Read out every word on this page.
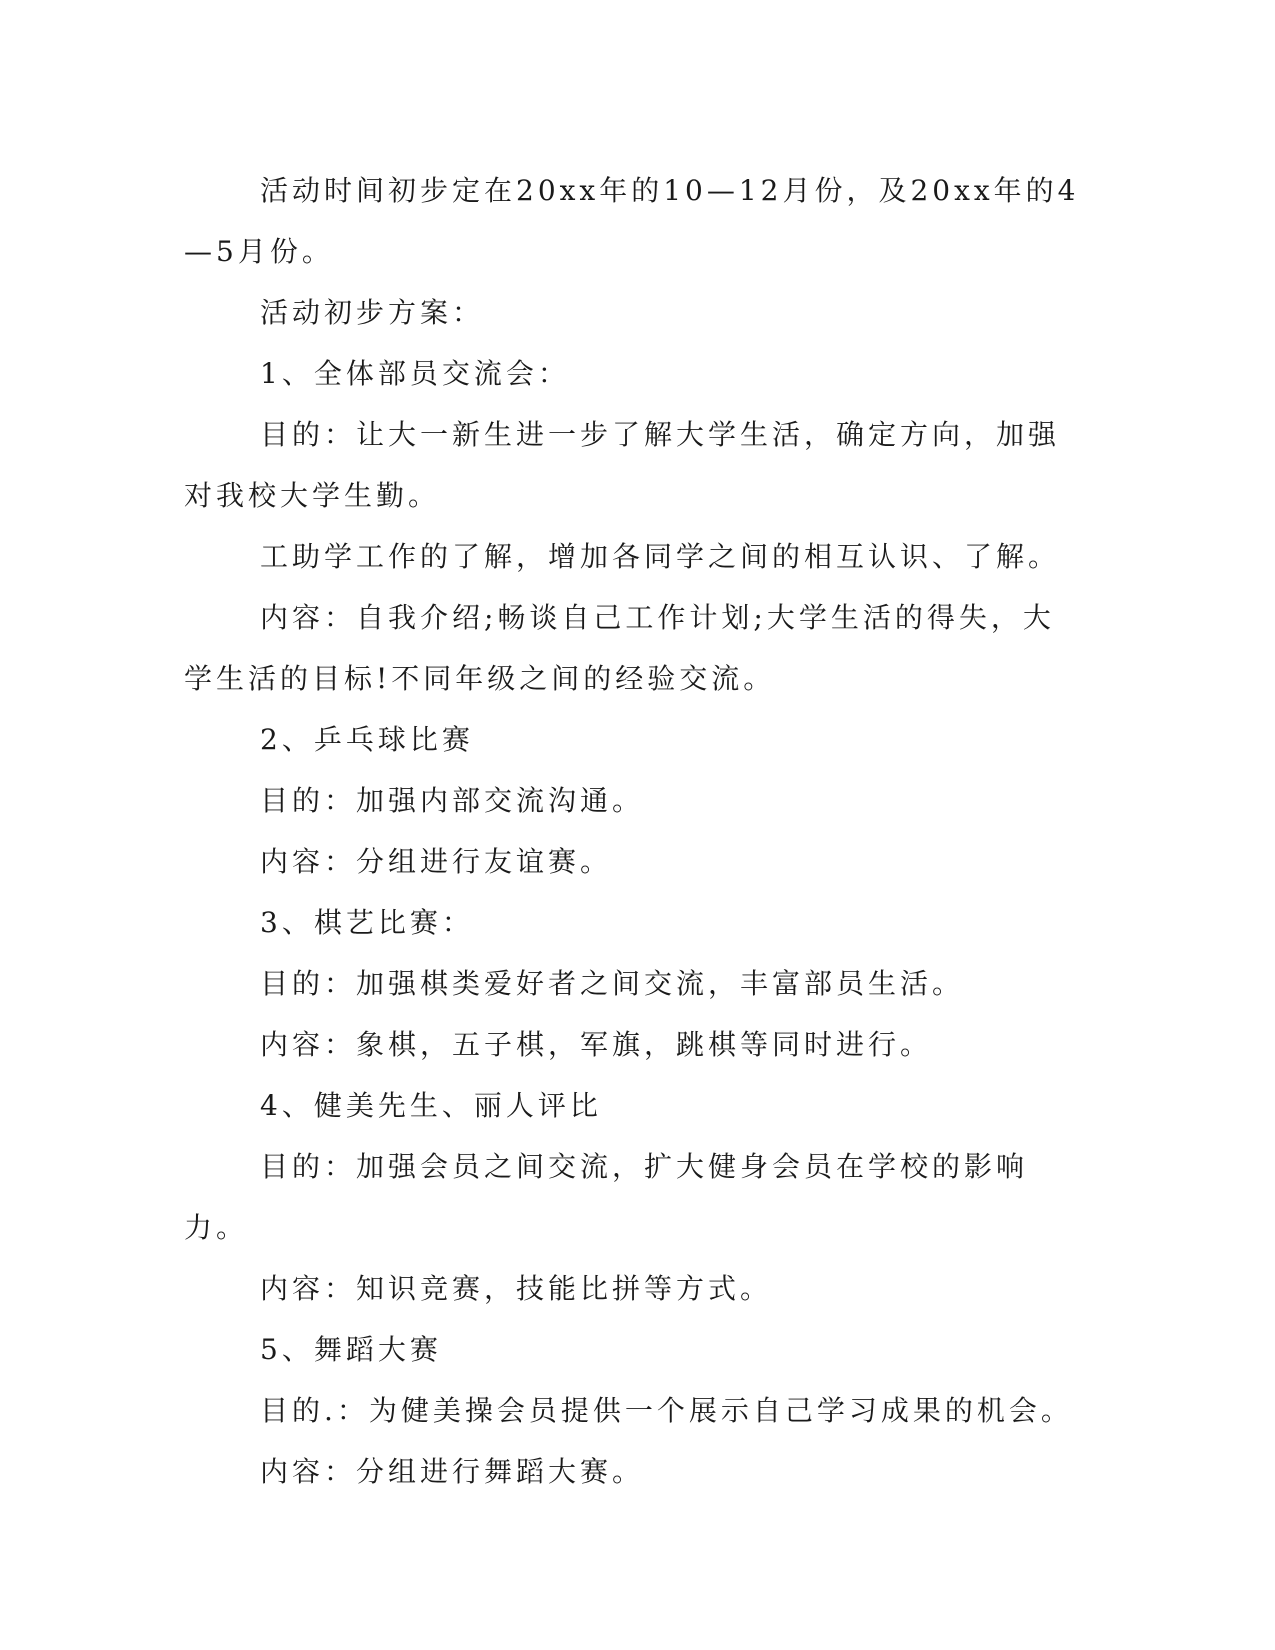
活动时间初步定在20xx年的10—12月份，及20xx年的4—5月份。

活动初步方案：

1、全体部员交流会：

目的：让大一新生进一步了解大学生活，确定方向，加强对我校大学生勤。

工助学工作的了解，增加各同学之间的相互认识、了解。

内容：自我介绍;畅谈自己工作计划;大学生活的得失，大学生活的目标!不同年级之间的经验交流。

2、乒乓球比赛

目的：加强内部交流沟通。

内容：分组进行友谊赛。

3、棋艺比赛：

目的：加强棋类爱好者之间交流，丰富部员生活。

内容：象棋，五子棋，军旗，跳棋等同时进行。

4、健美先生、丽人评比

目的：加强会员之间交流，扩大健身会员在学校的影响力。

内容：知识竞赛，技能比拼等方式。

5、舞蹈大赛

目的.：为健美操会员提供一个展示自己学习成果的机会。

内容：分组进行舞蹈大赛。
